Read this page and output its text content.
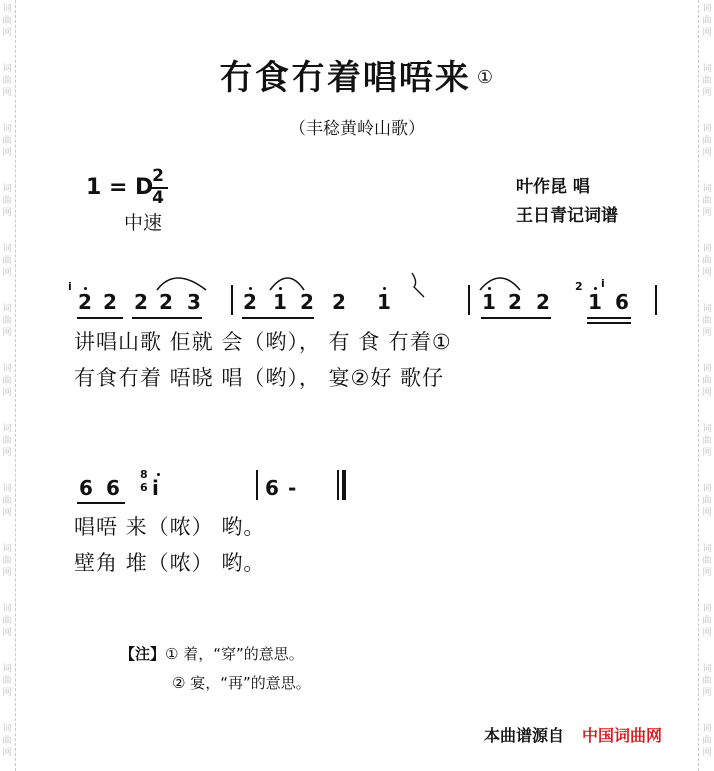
词
曲
网
词
曲
网
词
曲
网
词
曲
网
词
曲
网
词
曲
网
词
曲
网
词
曲
网
词
曲
网
词
曲
网
词
曲
网
词
曲
网
词
曲
网
词
曲
网
词
曲
网
词
曲
网
词
曲
网
词
曲
网
词
曲
网
词
曲
网
词
曲
网
词
曲
网
词
曲
网
词
曲
网
词
曲
网
词
曲
网
冇食冇着唱唔来 ①
（丰稔黄岭山歌）
1 = D
2
4
中速
叶作昆 唱
王日青记词谱
2 2 2 2 3 2 1 2 2 1	1 2 2 1 6
i	2 i
讲唱山歌 佢就 会（哟）， 有 食 冇着①
有食冇着 唔晓 唱（哟）， 宴②好 歌仔
6 6 i	6 -
8 6
唱唔 来（哝） 哟。
壁角 堆（哝） 哟。
【注】① 着，“穿”的意思。
② 宴，“再”的意思。
本曲谱源自 中国词曲网
